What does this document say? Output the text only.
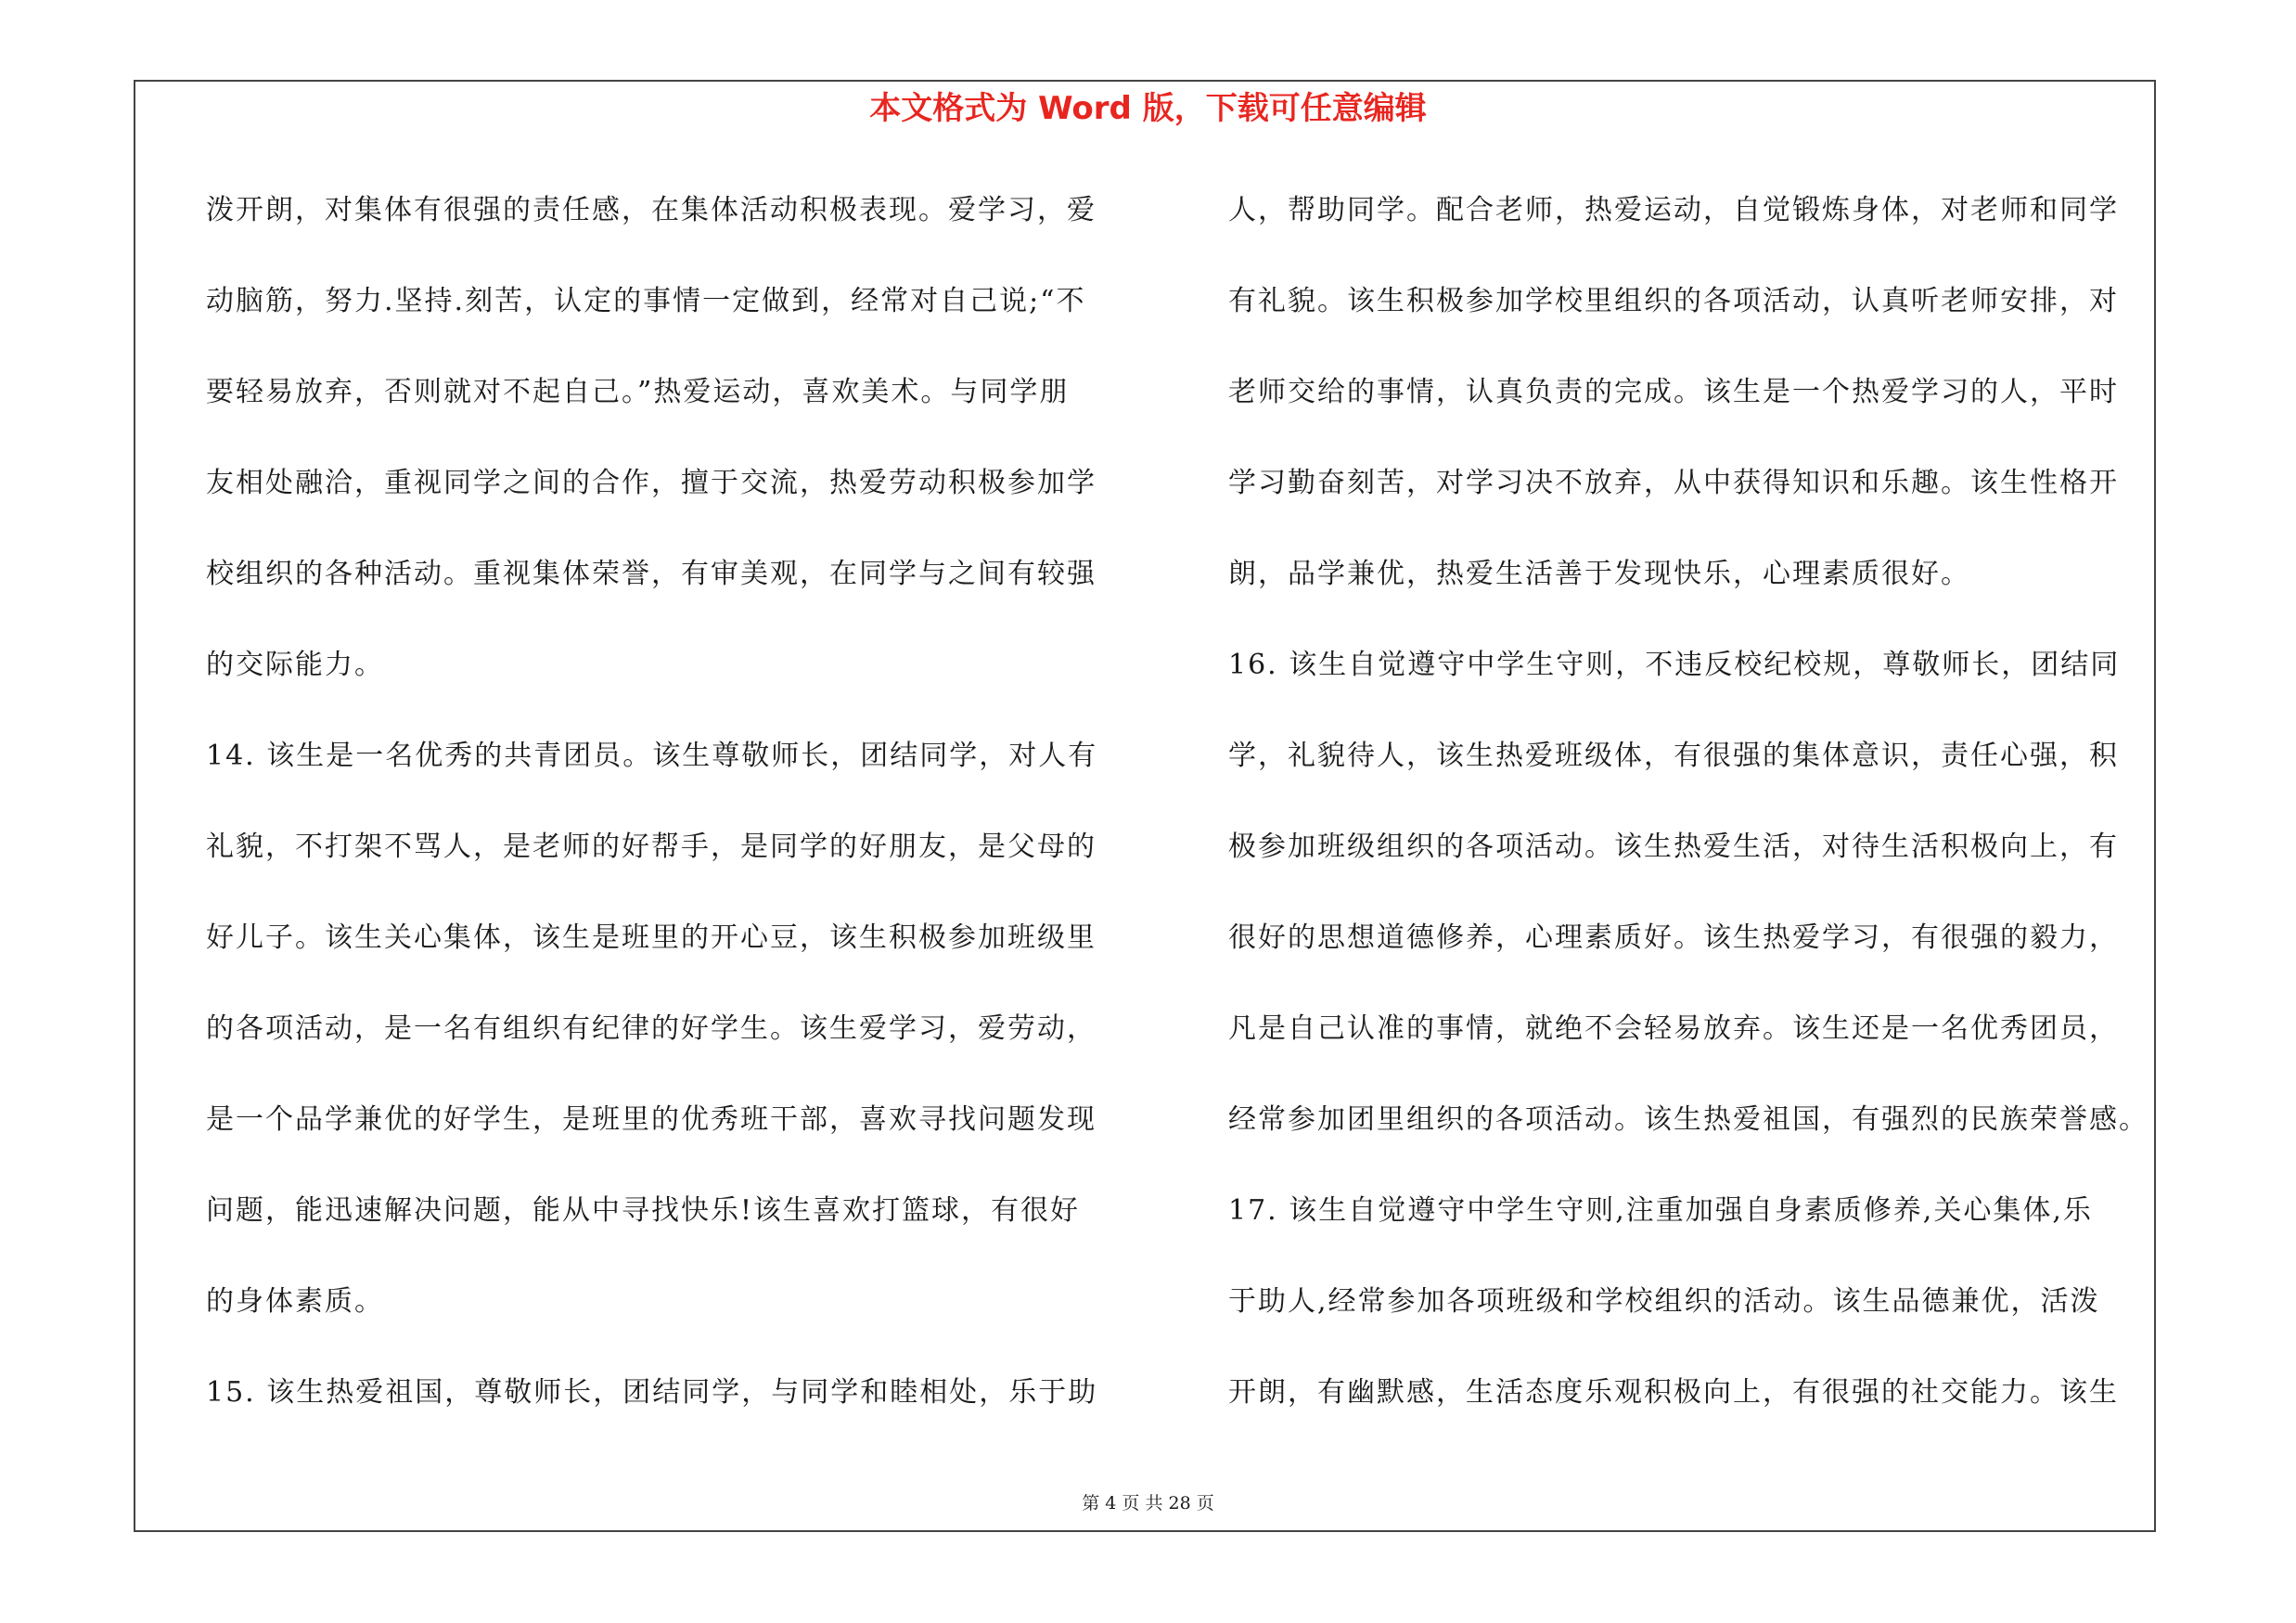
本文格式为 Word 版，下载可任意编辑
泼开朗，对集体有很强的责任感，在集体活动积极表现。爱学习，爱
动脑筋，努力.坚持.刻苦，认定的事情一定做到，经常对自己说;“不
要轻易放弃，否则就对不起自己。”热爱运动，喜欢美术。与同学朋
友相处融洽，重视同学之间的合作，擅于交流，热爱劳动积极参加学
校组织的各种活动。重视集体荣誉，有审美观，在同学与之间有较强
的交际能力。
14. 该生是一名优秀的共青团员。该生尊敬师长，团结同学，对人有
礼貌，不打架不骂人，是老师的好帮手，是同学的好朋友，是父母的
好儿子。该生关心集体，该生是班里的开心豆，该生积极参加班级里
的各项活动，是一名有组织有纪律的好学生。该生爱学习，爱劳动，
是一个品学兼优的好学生，是班里的优秀班干部，喜欢寻找问题发现
问题，能迅速解决问题，能从中寻找快乐!该生喜欢打篮球，有很好
的身体素质。
15. 该生热爱祖国，尊敬师长，团结同学，与同学和睦相处，乐于助
人，帮助同学。配合老师，热爱运动，自觉锻炼身体，对老师和同学
有礼貌。该生积极参加学校里组织的各项活动，认真听老师安排，对
老师交给的事情，认真负责的完成。该生是一个热爱学习的人，平时
学习勤奋刻苦，对学习决不放弃，从中获得知识和乐趣。该生性格开
朗，品学兼优，热爱生活善于发现快乐，心理素质很好。
16. 该生自觉遵守中学生守则，不违反校纪校规，尊敬师长，团结同
学，礼貌待人，该生热爱班级体，有很强的集体意识，责任心强，积
极参加班级组织的各项活动。该生热爱生活，对待生活积极向上，有
很好的思想道德修养，心理素质好。该生热爱学习，有很强的毅力，
凡是自己认准的事情，就绝不会轻易放弃。该生还是一名优秀团员，
经常参加团里组织的各项活动。该生热爱祖国，有强烈的民族荣誉感。
17. 该生自觉遵守中学生守则,注重加强自身素质修养,关心集体,乐
于助人,经常参加各项班级和学校组织的活动。该生品德兼优，活泼
开朗，有幽默感，生活态度乐观积极向上，有很强的社交能力。该生
第 4 页 共 28 页
